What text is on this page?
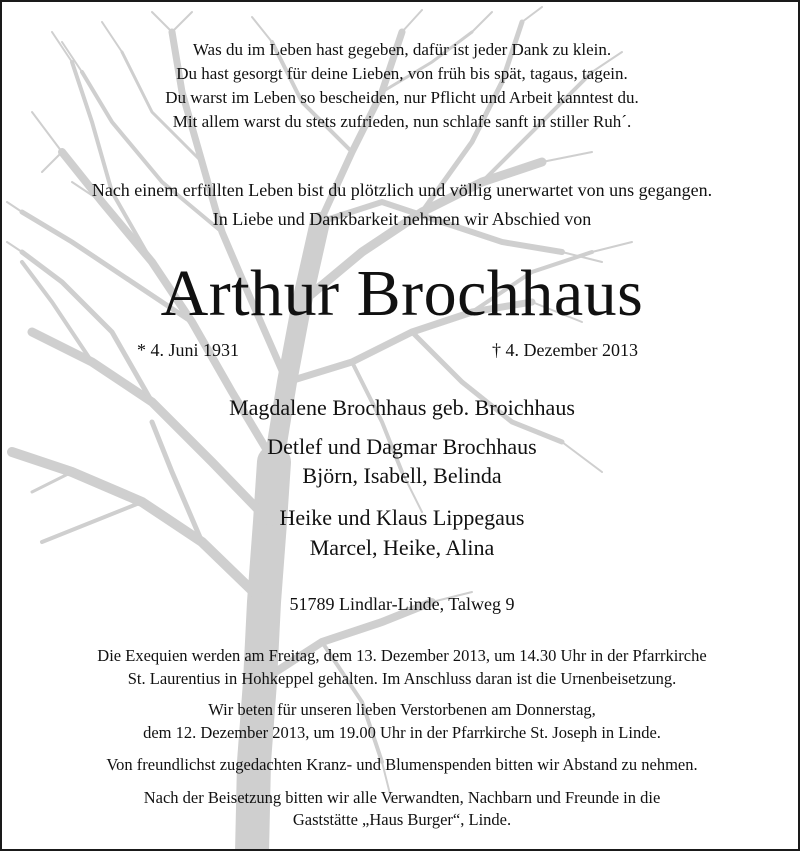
Was du im Leben hast gegeben, dafür ist jeder Dank zu klein.
Du hast gesorgt für deine Lieben, von früh bis spät, tagaus, tagein.
Du warst im Leben so bescheiden, nur Pflicht und Arbeit kanntest du.
Mit allem warst du stets zufrieden, nun schlafe sanft in stiller Ruh´.
Nach einem erfüllten Leben bist du plötzlich und völlig unerwartet von uns gegangen.
In Liebe und Dankbarkeit nehmen wir Abschied von
Arthur Brochhaus
* 4. Juni 1931	† 4. Dezember 2013
Magdalene Brochhaus geb. Broichhaus
Detlef und Dagmar Brochhaus
Björn, Isabell, Belinda
Heike und Klaus Lippegaus
Marcel, Heike, Alina
51789 Lindlar-Linde, Talweg 9
Die Exequien werden am Freitag, dem 13. Dezember 2013, um 14.30 Uhr in der Pfarrkirche
St. Laurentius in Hohkeppel gehalten. Im Anschluss daran ist die Urnenbeisetzung.
Wir beten für unseren lieben Verstorbenen am Donnerstag,
dem 12. Dezember 2013, um 19.00 Uhr in der Pfarrkirche St. Joseph in Linde.
Von freundlichst zugedachten Kranz- und Blumenspenden bitten wir Abstand zu nehmen.
Nach der Beisetzung bitten wir alle Verwandten, Nachbarn und Freunde in die
Gaststätte „Haus Burger“, Linde.
